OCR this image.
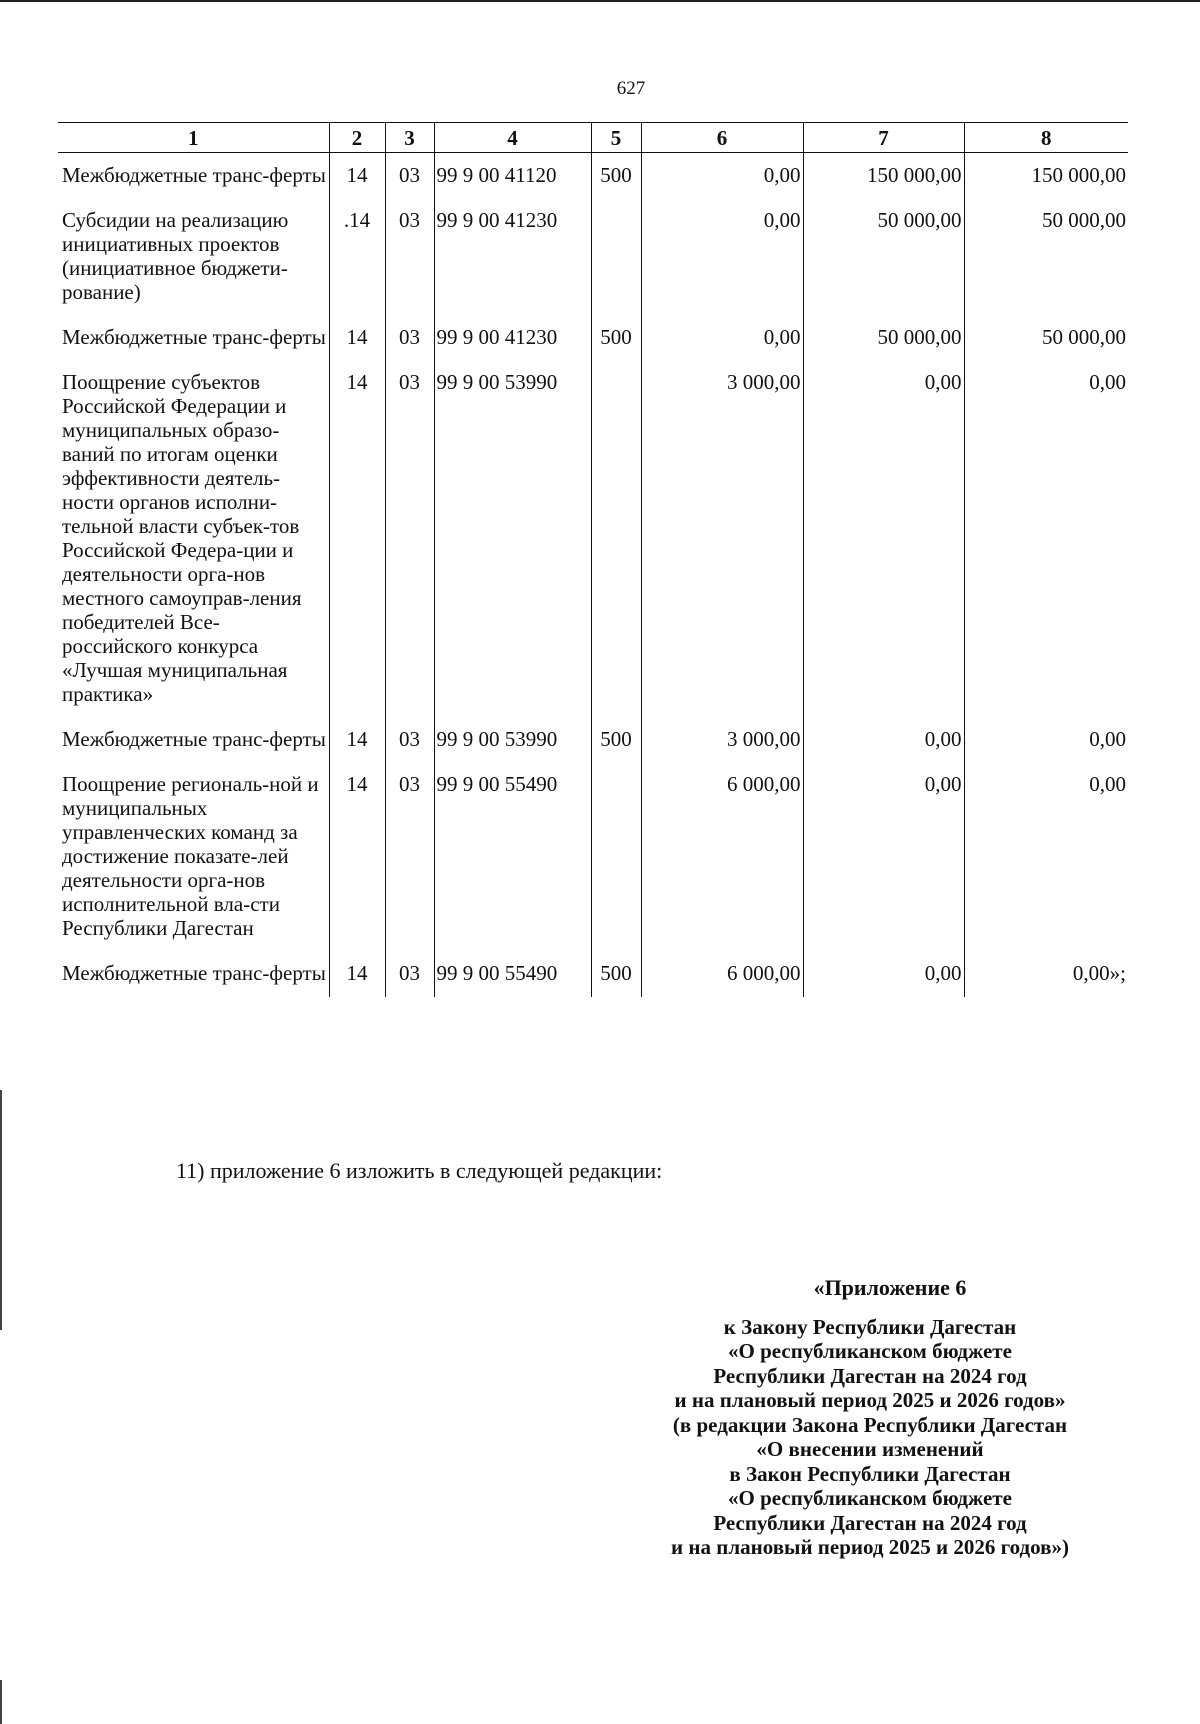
627
1	2	3	4	5	6	7	8
Межбюджетные транс-ферты	14	03	99 9 00 41120	500	0,00	150 000,00	150 000,00
Субсидии на реализацию инициативных проектов (инициативное бюджети-рование)	.14	03	99 9 00 41230		0,00	50 000,00	50 000,00
Межбюджетные транс-ферты	14	03	99 9 00 41230	500	0,00	50 000,00	50 000,00
Поощрение субъектов Российской Федерации и муниципальных образо-ваний по итогам оценки эффективности деятель-ности органов исполни-тельной власти субъек-тов Российской Федера-ции и деятельности орга-нов местного самоуправ-ления победителей Все-российского конкурса «Лучшая муниципальная практика»	14	03	99 9 00 53990		3 000,00	0,00	0,00
Межбюджетные транс-ферты	14	03	99 9 00 53990	500	3 000,00	0,00	0,00
Поощрение региональ-ной и муниципальных управленческих команд за достижение показате-лей деятельности орга-нов исполнительной вла-сти Республики Дагестан	14	03	99 9 00 55490		6 000,00	0,00	0,00
Межбюджетные транс-ферты	14	03	99 9 00 55490	500	6 000,00	0,00	0,00»;
11) приложение 6 изложить в следующей редакции:
«Приложение 6
к Закону Республики Дагестан
«О республиканском бюджете
Республики Дагестан на 2024 год
и на плановый период 2025 и 2026 годов»
(в редакции Закона Республики Дагестан
«О внесении изменений
в Закон Республики Дагестан
«О республиканском бюджете
Республики Дагестан на 2024 год
и на плановый период 2025 и 2026 годов»)
